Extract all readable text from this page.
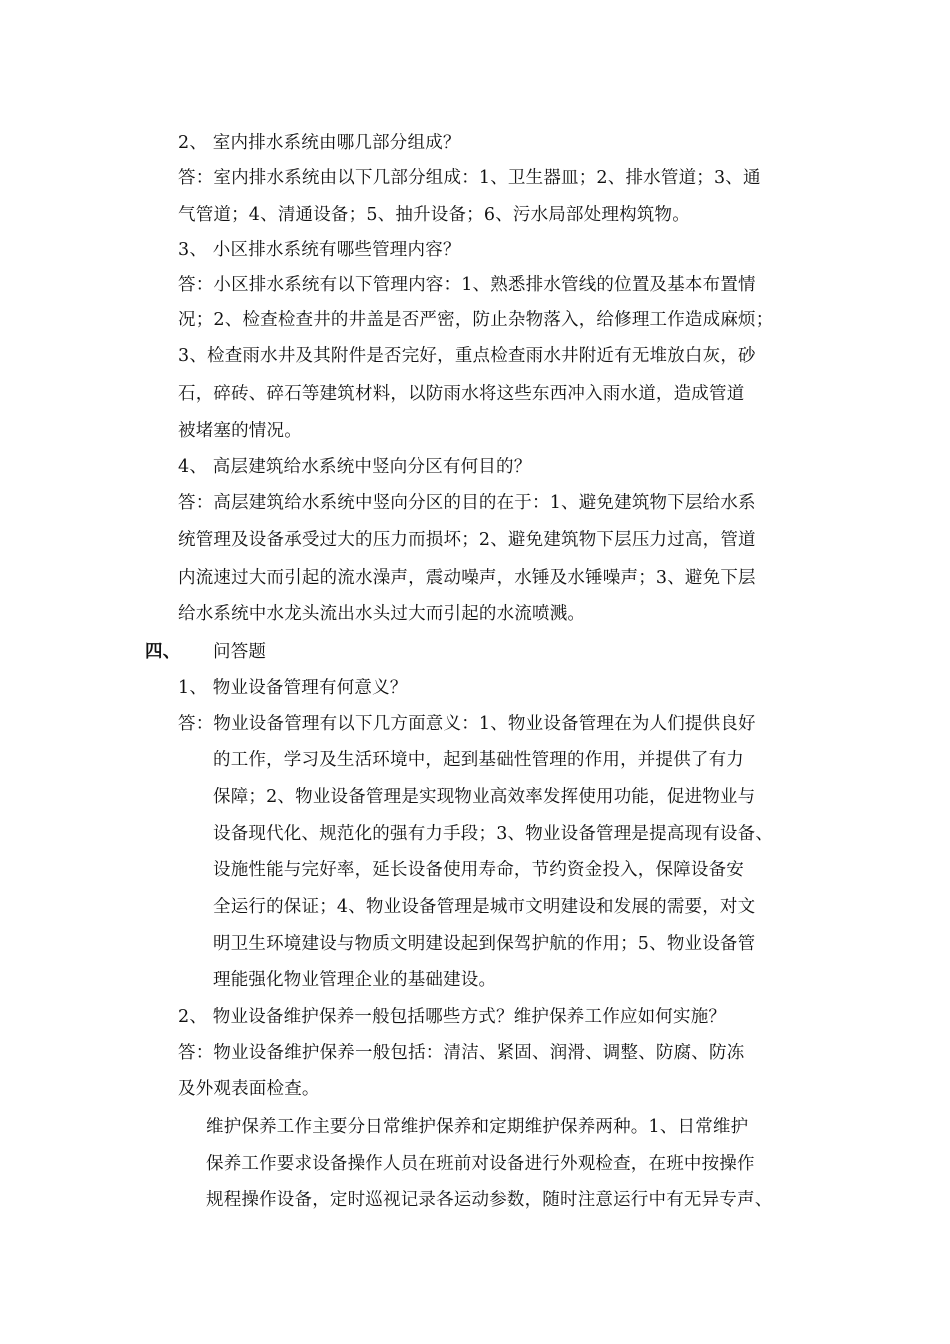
2、 室内排水系统由哪几部分组成？
答：室内排水系统由以下几部分组成：1、卫生器皿；2、排水管道；3、通
气管道；4、清通设备；5、抽升设备；6、污水局部处理构筑物。
3、 小区排水系统有哪些管理内容？
答：小区排水系统有以下管理内容：1、熟悉排水管线的位置及基本布置情
况；2、检查检查井的井盖是否严密，防止杂物落入，给修理工作造成麻烦；
3、检查雨水井及其附件是否完好，重点检查雨水井附近有无堆放白灰，砂
石，碎砖、碎石等建筑材料，以防雨水将这些东西冲入雨水道，造成管道
被堵塞的情况。
4、 高层建筑给水系统中竖向分区有何目的？
答：高层建筑给水系统中竖向分区的目的在于：1、避免建筑物下层给水系
统管理及设备承受过大的压力而损坏；2、避免建筑物下层压力过高，管道
内流速过大而引起的流水澡声，震动噪声，水锤及水锤噪声；3、避免下层
给水系统中水龙头流出水头过大而引起的水流喷溅。
四、 问答题
1、 物业设备管理有何意义？
答：物业设备管理有以下几方面意义：1、物业设备管理在为人们提供良好
的工作，学习及生活环境中，起到基础性管理的作用，并提供了有力
保障；2、物业设备管理是实现物业高效率发挥使用功能，促进物业与
设备现代化、规范化的强有力手段；3、物业设备管理是提高现有设备、
设施性能与完好率，延长设备使用寿命，节约资金投入，保障设备安
全运行的保证；4、物业设备管理是城市文明建设和发展的需要，对文
明卫生环境建设与物质文明建设起到保驾护航的作用；5、物业设备管
理能强化物业管理企业的基础建设。
2、 物业设备维护保养一般包括哪些方式？维护保养工作应如何实施？
答：物业设备维护保养一般包括：清洁、紧固、润滑、调整、防腐、防冻
及外观表面检查。
维护保养工作主要分日常维护保养和定期维护保养两种。1、日常维护
保养工作要求设备操作人员在班前对设备进行外观检查，在班中按操作
规程操作设备，定时巡视记录各运动参数，随时注意运行中有无异专声、
